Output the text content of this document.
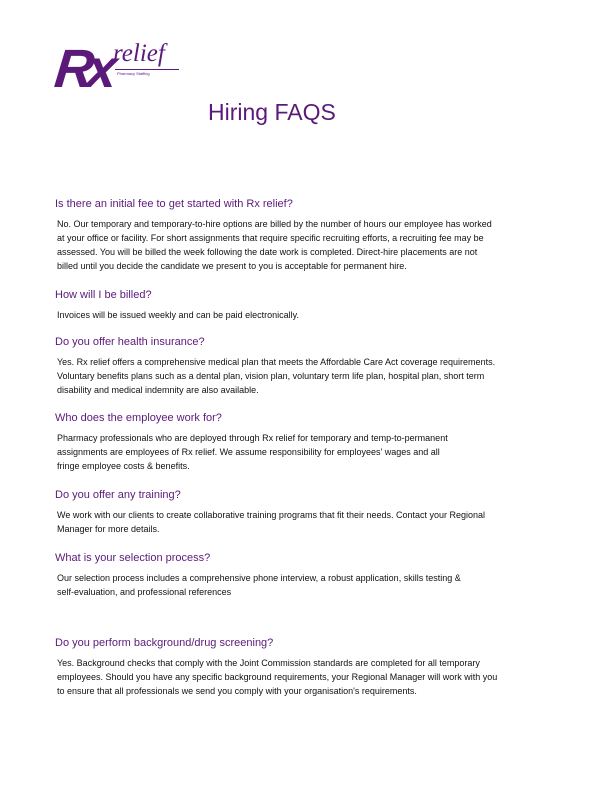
Rx relief
Pharmacy Staffing
Hiring FAQS
Is there an initial fee to get started with Rx relief?

No. Our temporary and temporary-to-hire options are billed by the number of hours our employee has worked
at your office or facility. For short assignments that require specific recruiting efforts, a recruiting fee may be
assessed. You will be billed the week following the date work is completed. Direct-hire placements are not
billed until you decide the candidate we present to you is acceptable for permanent hire.

How will I be billed?

Invoices will be issued weekly and can be paid electronically.

Do you offer health insurance?

Yes. Rx relief offers a comprehensive medical plan that meets the Affordable Care Act coverage requirements.
Voluntary benefits plans such as a dental plan, vision plan, voluntary term life plan, hospital plan, short term
disability and medical indemnity are also available.

Who does the employee work for?

Pharmacy professionals who are deployed through Rx relief for temporary and temp-to-permanent
assignments are employees of Rx relief. We assume responsibility for employees' wages and all
fringe employee costs & benefits.

Do you offer any training?

We work with our clients to create collaborative training programs that fit their needs. Contact your Regional
Manager for more details.

What is your selection process?

Our selection process includes a comprehensive phone interview, a robust application, skills testing &
self-evaluation, and professional references

Do you perform background/drug screening?

Yes. Background checks that comply with the Joint Commission standards are completed for all temporary
employees. Should you have any specific background requirements, your Regional Manager will work with you
to ensure that all professionals we send you comply with your organisation's requirements.
